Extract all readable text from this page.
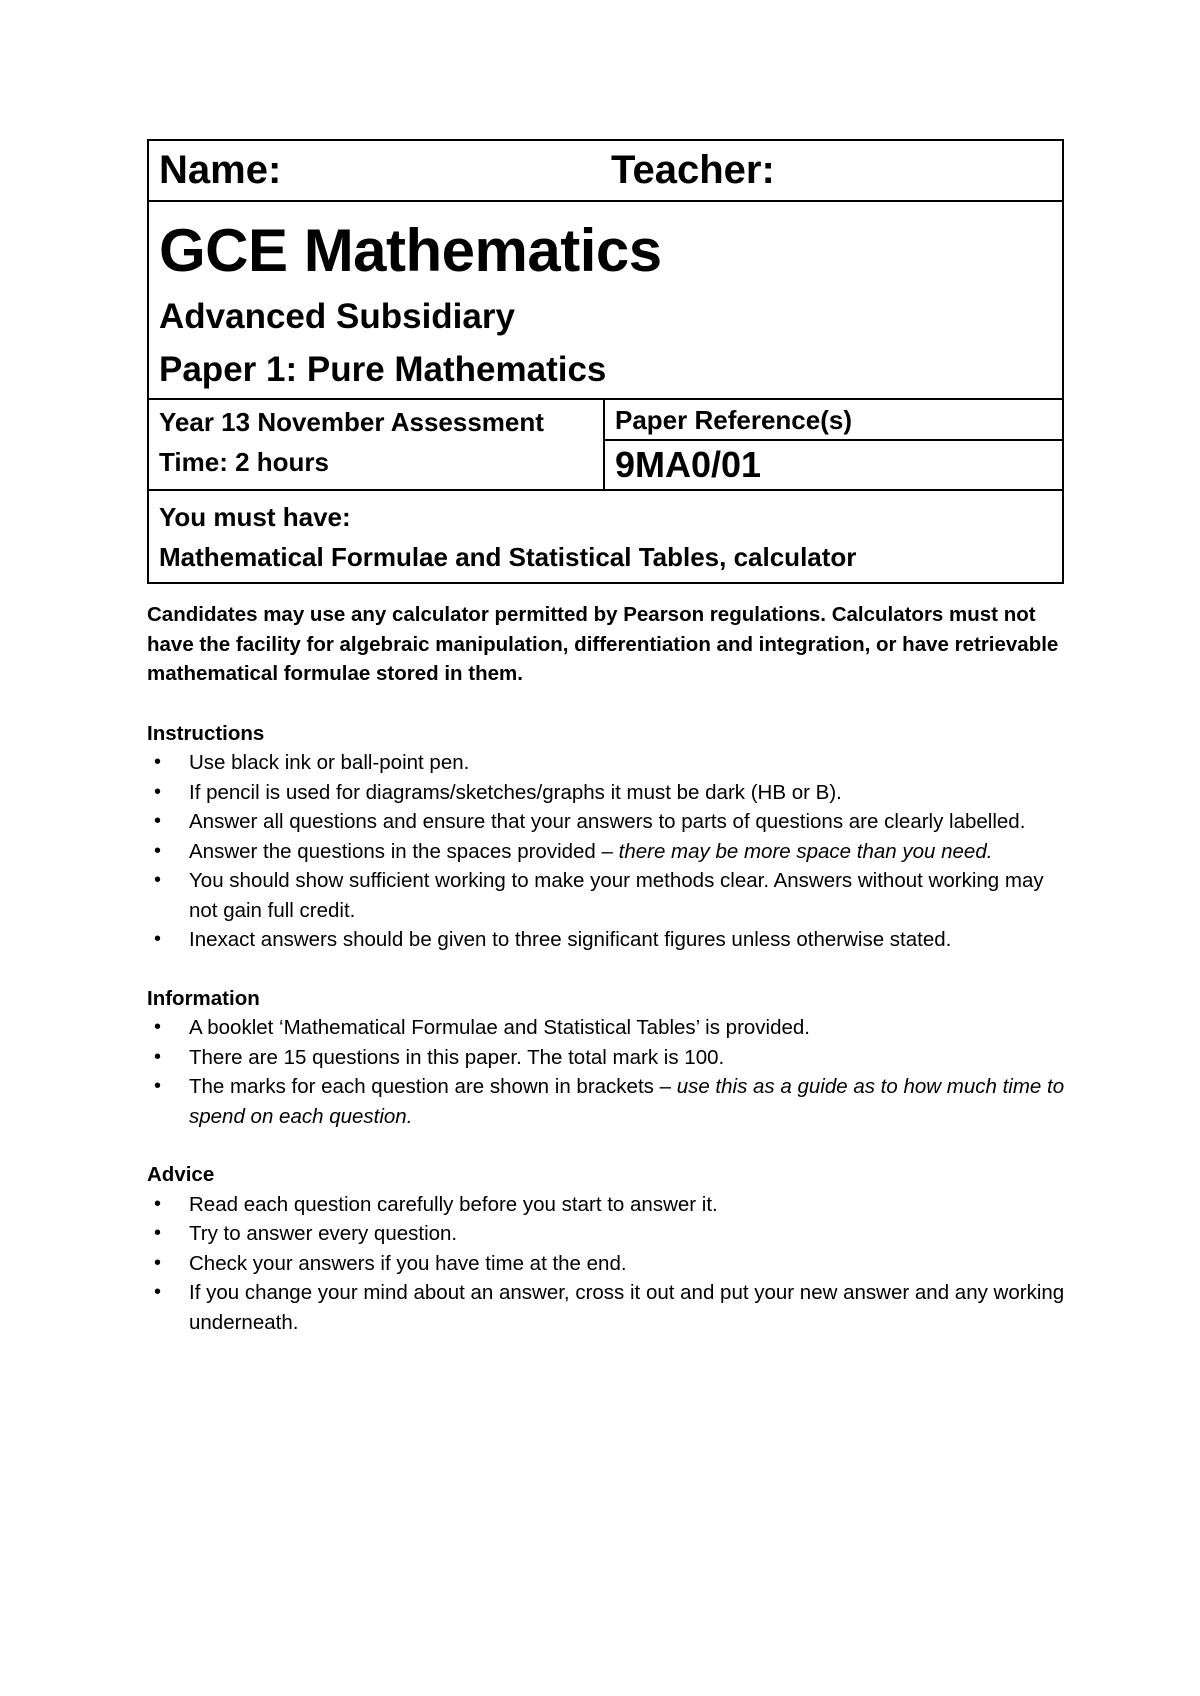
Name:	Teacher:
GCE Mathematics
Advanced Subsidiary
Paper 1: Pure Mathematics
Year 13 November Assessment
Time: 2 hours
Paper Reference(s)
9MA0/01
You must have:
Mathematical Formulae and Statistical Tables, calculator

Candidates may use any calculator permitted by Pearson regulations. Calculators must not have the facility for algebraic manipulation, differentiation and integration, or have retrievable mathematical formulae stored in them.

Instructions
• Use black ink or ball-point pen.
• If pencil is used for diagrams/sketches/graphs it must be dark (HB or B).
• Answer all questions and ensure that your answers to parts of questions are clearly labelled.
• Answer the questions in the spaces provided – there may be more space than you need.
• You should show sufficient working to make your methods clear. Answers without working may not gain full credit.
• Inexact answers should be given to three significant figures unless otherwise stated.
Information
• A booklet ‘Mathematical Formulae and Statistical Tables’ is provided.
• There are 15 questions in this paper. The total mark is 100.
• The marks for each question are shown in brackets – use this as a guide as to how much time to spend on each question.
Advice
• Read each question carefully before you start to answer it.
• Try to answer every question.
• Check your answers if you have time at the end.
• If you change your mind about an answer, cross it out and put your new answer and any working underneath.
